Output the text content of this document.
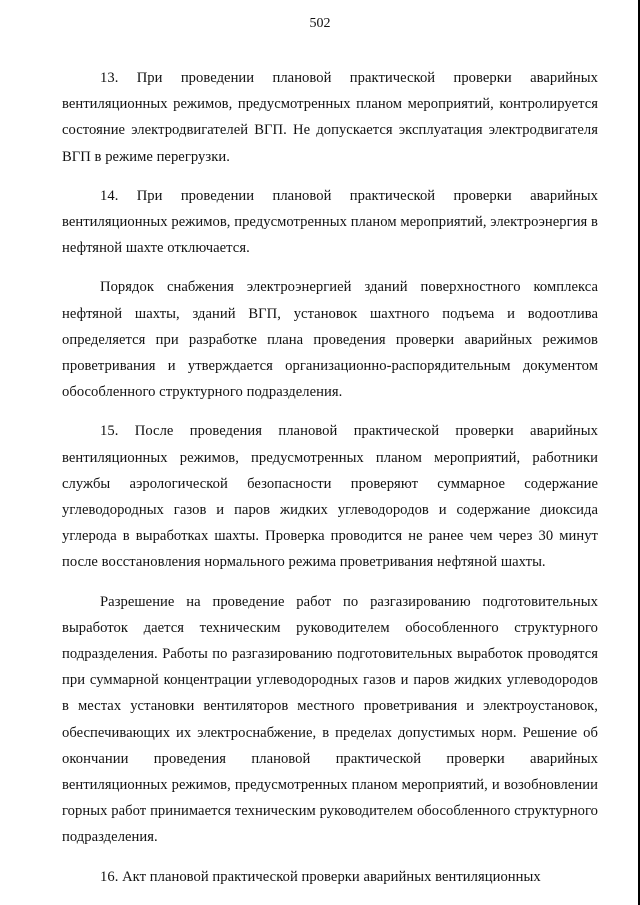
502

13. При проведении плановой практической проверки аварийных вентиляционных режимов, предусмотренных планом мероприятий, контролируется состояние электродвигателей ВГП. Не допускается эксплуатация электродвигателя ВГП в режиме перегрузки.

14. При проведении плановой практической проверки аварийных вентиляционных режимов, предусмотренных планом мероприятий, электроэнергия в нефтяной шахте отключается.

Порядок снабжения электроэнергией зданий поверхностного комплекса нефтяной шахты, зданий ВГП, установок шахтного подъема и водоотлива определяется при разработке плана проведения проверки аварийных режимов проветривания и утверждается организационно-распорядительным документом обособленного структурного подразделения.

15. После проведения плановой практической проверки аварийных вентиляционных режимов, предусмотренных планом мероприятий, работники службы аэрологической безопасности проверяют суммарное содержание углеводородных газов и паров жидких углеводородов и содержание диоксида углерода в выработках шахты. Проверка проводится не ранее чем через 30 минут после восстановления нормального режима проветривания нефтяной шахты.

Разрешение на проведение работ по разгазированию подготовительных выработок дается техническим руководителем обособленного структурного подразделения. Работы по разгазированию подготовительных выработок проводятся при суммарной концентрации углеводородных газов и паров жидких углеводородов в местах установки вентиляторов местного проветривания и электроустановок, обеспечивающих их электроснабжение, в пределах допустимых норм. Решение об окончании проведения плановой практической проверки аварийных вентиляционных режимов, предусмотренных планом мероприятий, и возобновлении горных работ принимается техническим руководителем обособленного структурного подразделения.

16. Акт плановой практической проверки аварийных вентиляционных
